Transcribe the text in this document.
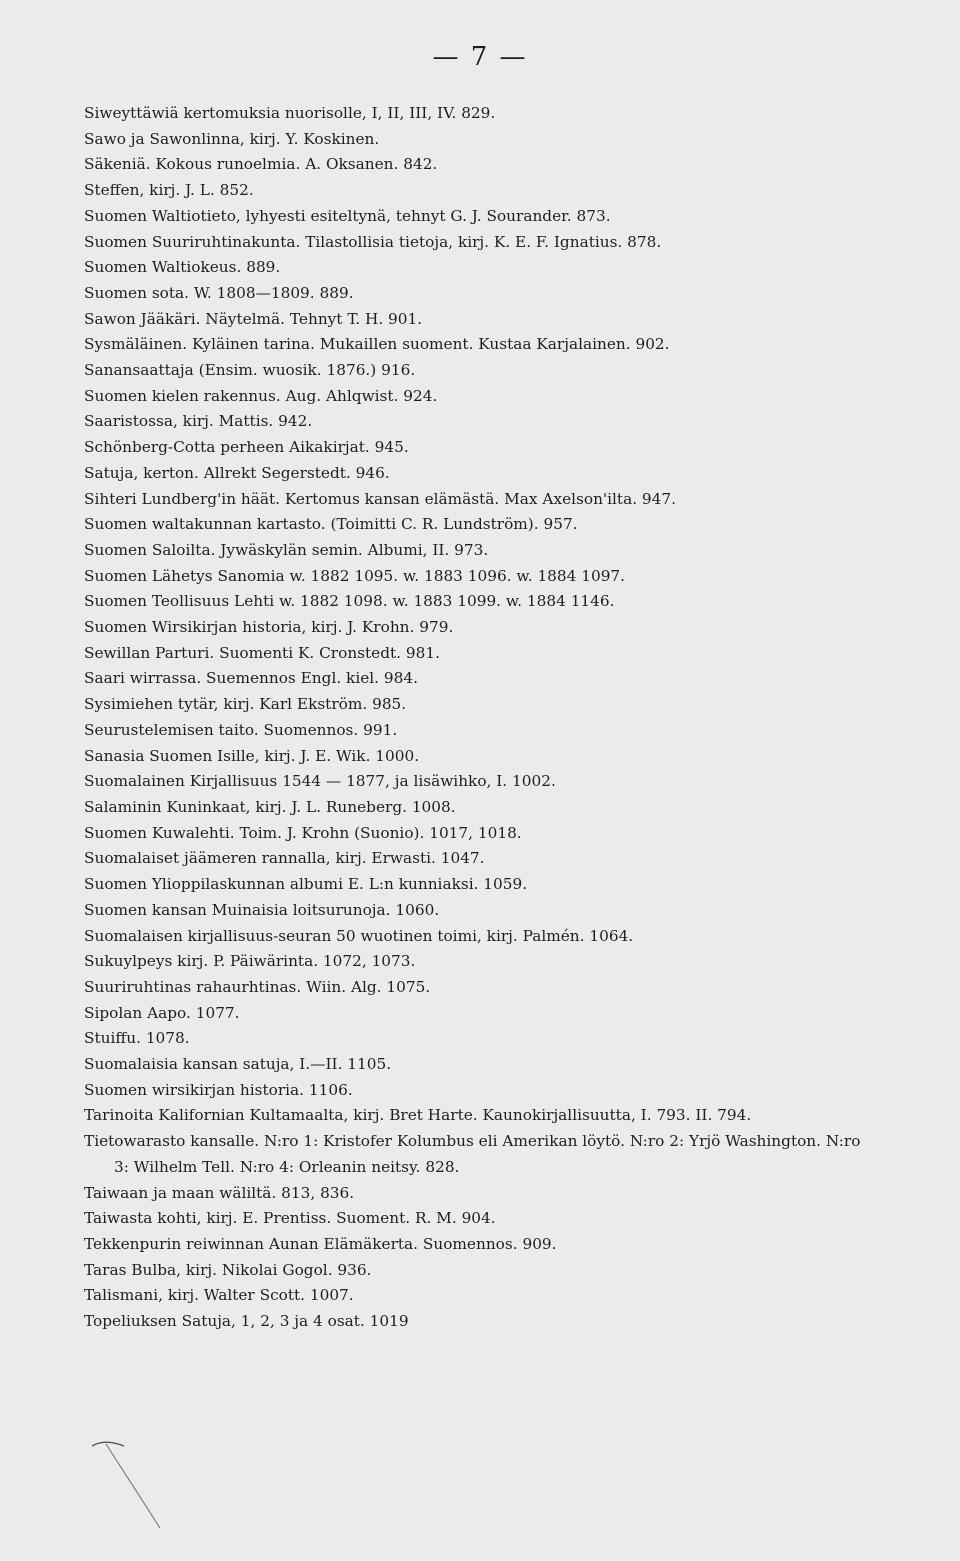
— 7 —
Siweyttäwiä kertomuksia nuorisolle, I, II, III, IV. 829.
Sawo ja Sawonlinna, kirj. Y. Koskinen.
Säkeniä. Kokous runoelmia. A. Oksanen. 842.
Steffen, kirj. J. L. 852.
Suomen Waltiotieto, lyhyesti esiteltynä, tehnyt G. J. Sourander. 873.
Suomen Suuriruhtinakunta. Tilastollisia tietoja, kirj. K. E. F. Ignatius. 878.
Suomen Waltiokeus. 889.
Suomen sota. W. 1808—1809. 889.
Sawon Jääkäri. Näytelmä. Tehnyt T. H. 901.
Sysmäläinen. Kyläinen tarina. Mukaillen suoment. Kustaa Karjalainen. 902.
Sanansaattaja (Ensim. wuosik. 1876.) 916.
Suomen kielen rakennus. Aug. Ahlqwist. 924.
Saaristossa, kirj. Mattis. 942.
Schönberg-Cotta perheen Aikakirjat. 945.
Satuja, kerton. Allrekt Segerstedt. 946.
Sihteri Lundberg'in häät. Kertomus kansan elämästä. Max Axelson'ilta. 947.
Suomen waltakunnan kartasto. (Toimitti C. R. Lundström). 957.
Suomen Saloilta. Jywäskylän semin. Albumi, II. 973.
Suomen Lähetys Sanomia w. 1882 1095. w. 1883 1096. w. 1884 1097.
Suomen Teollisuus Lehti w. 1882 1098. w. 1883 1099. w. 1884 1146.
Suomen Wirsikirjan historia, kirj. J. Krohn. 979.
Sewillan Parturi. Suomenti K. Cronstedt. 981.
Saari wirrassa. Suemennos Engl. kiel. 984.
Sysimiehen tytär, kirj. Karl Ekström. 985.
Seurustelemisen taito. Suomennos. 991.
Sanasia Suomen Isille, kirj. J. E. Wik. 1000.
Suomalainen Kirjallisuus 1544 — 1877, ja lisäwihko, I. 1002.
Salaminin Kuninkaat, kirj. J. L. Runeberg. 1008.
Suomen Kuwalehti. Toim. J. Krohn (Suonio). 1017, 1018.
Suomalaiset jäämeren rannalla, kirj. Erwasti. 1047.
Suomen Ylioppilaskunnan albumi E. L:n kunniaksi. 1059.
Suomen kansan Muinaisia loitsurunoja. 1060.
Suomalaisen kirjallisuus-seuran 50 wuotinen toimi, kirj. Palmén. 1064.
Sukuylpeys kirj. P. Päiwärinta. 1072, 1073.
Suuriruhtinas rahaurhtinas. Wiin. Alg. 1075.
Sipolan Aapo. 1077.
Stuiffu. 1078.
Suomalaisia kansan satuja, I.—II. 1105.
Suomen wirsikirjan historia. 1106.
Tarinoita Kalifornian Kultamaalta, kirj. Bret Harte. Kaunokirjallisuutta, I. 793. II. 794.
Tietowarasto kansalle. N:ro 1: Kristofer Kolumbus eli Amerikan löytö. N:ro 2: Yrjö Washington. N:ro 3: Wilhelm Tell. N:ro 4: Orleanin neitsy. 828.
Taiwaan ja maan wäliltä. 813, 836.
Taiwasta kohti, kirj. E. Prentiss. Suoment. R. M. 904.
Tekkenpurin reiwinnan Aunan Elämäkerta. Suomennos. 909.
Taras Bulba, kirj. Nikolai Gogol. 936.
Talismani, kirj. Walter Scott. 1007.
Topeliuksen Satuja, 1, 2, 3 ja 4 osat. 1019
